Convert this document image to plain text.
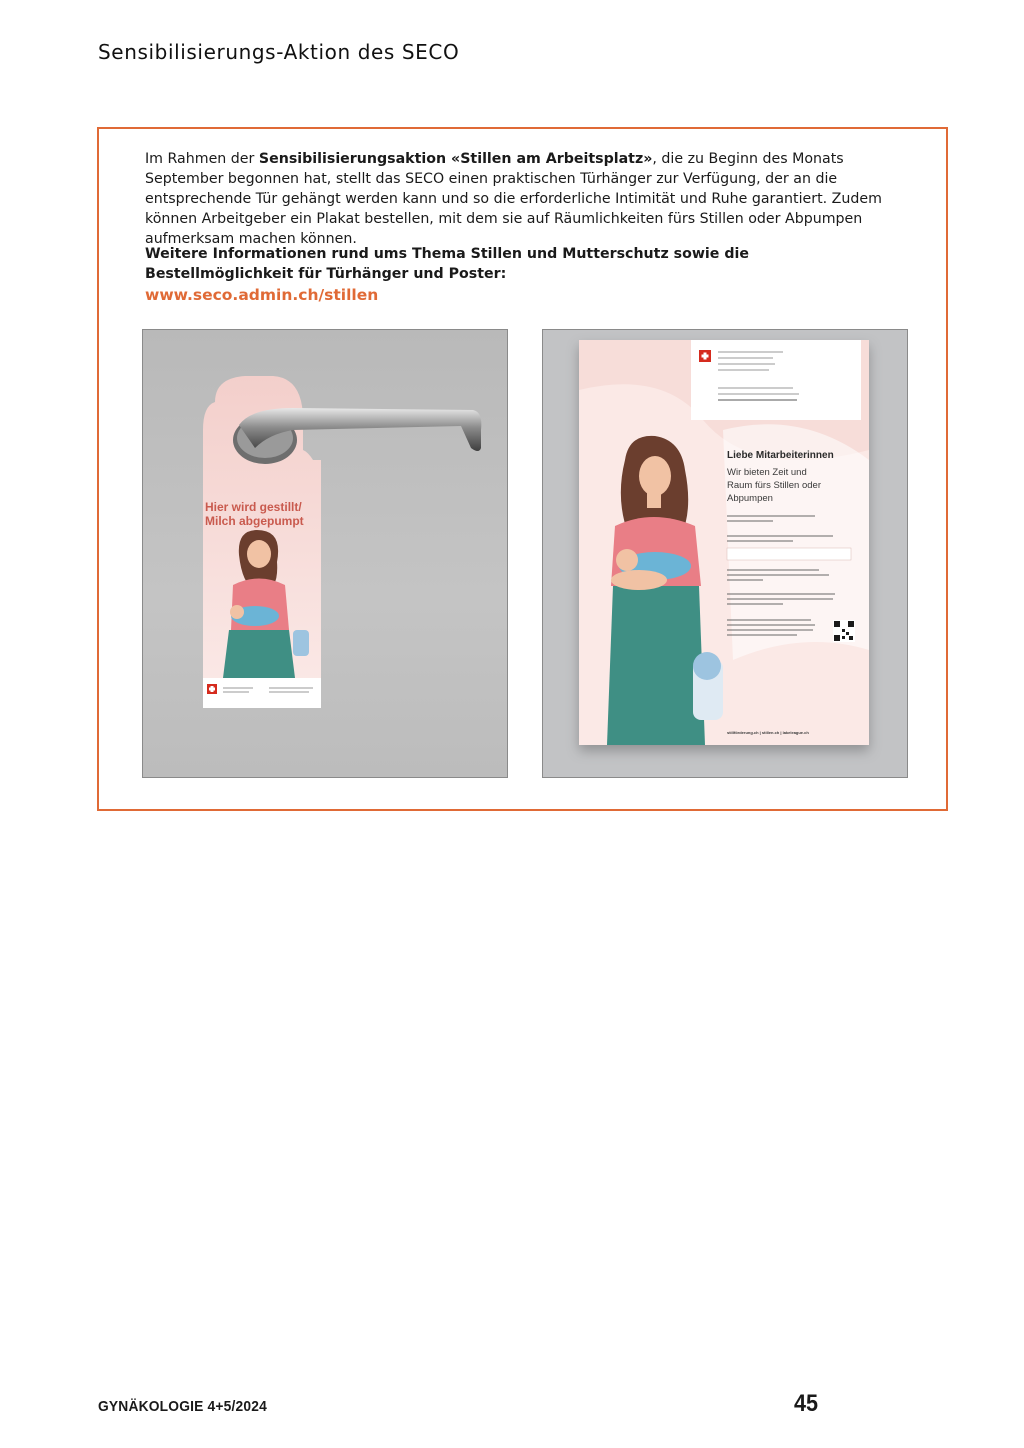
Sensibilisierungs-Aktion des SECO

Im Rahmen der Sensibilisierungsaktion «Stillen am Arbeitsplatz», die zu Beginn des Monats September begonnen hat, stellt das SECO einen praktischen Türhänger zur Verfügung, der an die entsprechende Tür gehängt werden kann und so die erforderliche Intimität und Ruhe garantiert. Zudem können Arbeitgeber ein Plakat bestellen, mit dem sie auf Räumlichkeiten fürs Stillen oder Abpumpen aufmerksam machen können.

Weitere Informationen rund ums Thema Stillen und Mutterschutz sowie die Bestellmöglichkeit für Türhänger und Poster:

www.seco.admin.ch/stillen
Hier wird gestillt/
Milch abgepumpt
Liebe Mitarbeiterinnen
Wir bieten Zeit und
Raum fürs Stillen oder
Abpumpen
stillförderung.ch | stillen.ch | lakeleague.ch
GYNÄKOLOGIE 4+5/2024	45
